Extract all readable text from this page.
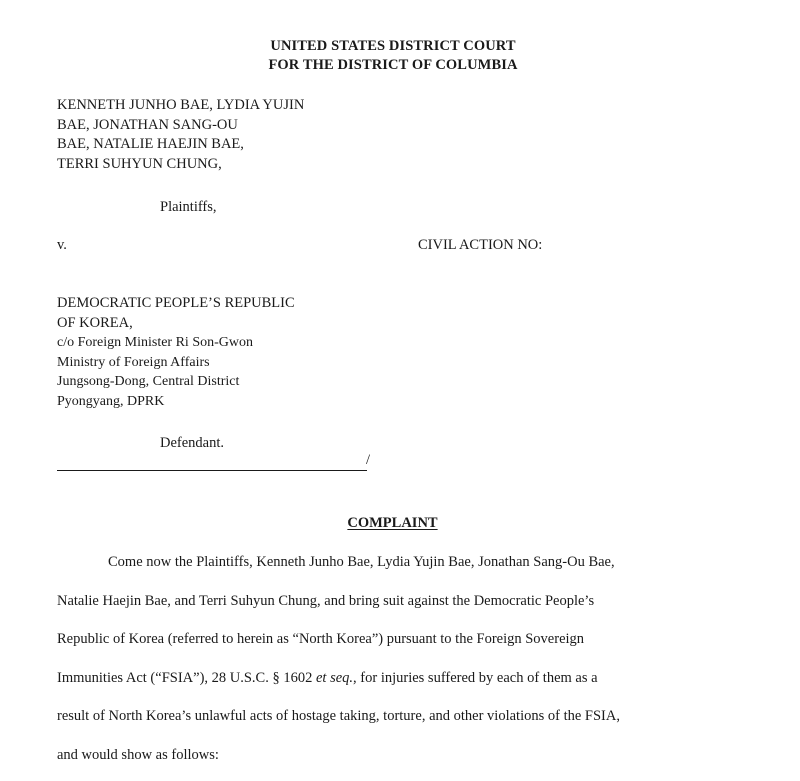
UNITED STATES DISTRICT COURT
FOR THE DISTRICT OF COLUMBIA
KENNETH JUNHO BAE, LYDIA YUJIN
BAE, JONATHAN SANG-OU
BAE, NATALIE HAEJIN BAE,
TERRI SUHYUN CHUNG,
Plaintiffs,
v.	CIVIL ACTION NO:
DEMOCRATIC PEOPLE’S REPUBLIC
OF KOREA,
c/o Foreign Minister Ri Son-Gwon
Ministry of Foreign Affairs
Jungsong-Dong, Central District
Pyongyang, DPRK
Defendant.
/
COMPLAINT
Come now the Plaintiffs, Kenneth Junho Bae, Lydia Yujin Bae, Jonathan Sang-Ou Bae,
Natalie Haejin Bae, and Terri Suhyun Chung, and bring suit against the Democratic People’s
Republic of Korea (referred to herein as “North Korea”) pursuant to the Foreign Sovereign
Immunities Act (“FSIA”), 28 U.S.C. § 1602 et seq., for injuries suffered by each of them as a
result of North Korea’s unlawful acts of hostage taking, torture, and other violations of the FSIA,
and would show as follows:
